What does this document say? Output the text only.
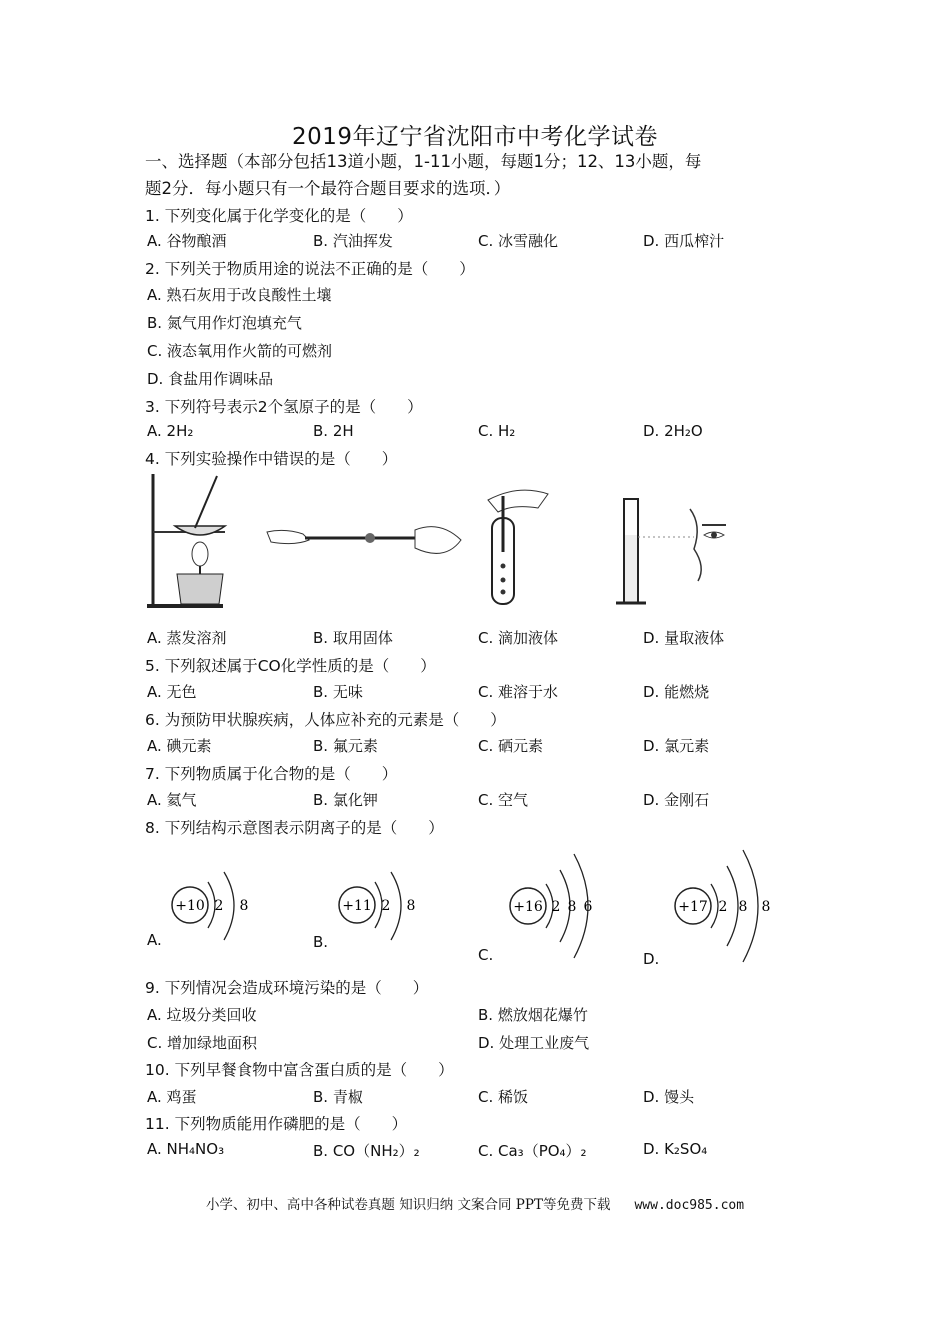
2019年辽宁省沈阳市中考化学试卷
一、选择题（本部分包括13道小题，1-11小题，每题1分；12、13小题，每
题2分．每小题只有一个最符合题目要求的选项．）
1. 下列变化属于化学变化的是（　　）
A. 谷物酿酒	B. 汽油挥发	C. 冰雪融化	D. 西瓜榨汁
2. 下列关于物质用途的说法不正确的是（　　）
A. 熟石灰用于改良酸性土壤
B. 氮气用作灯泡填充气
C. 液态氧用作火箭的可燃剂
D. 食盐用作调味品
3. 下列符号表示2个氢原子的是（　　）
A. 2H₂	B. 2H	C. H₂	D. 2H₂O
4. 下列实验操作中错误的是（　　）
A. 蒸发溶剂	B. 取用固体	C. 滴加液体	D. 量取液体
5. 下列叙述属于CO化学性质的是（　　）
A. 无色	B. 无味	C. 难溶于水	D. 能燃烧
6. 为预防甲状腺疾病，人体应补充的元素是（　　）
A. 碘元素	B. 氟元素	C. 硒元素	D. 氯元素
7. 下列物质属于化合物的是（　　）
A. 氦气	B. 氯化钾	C. 空气	D. 金刚石
8. 下列结构示意图表示阴离子的是（　　）
+10 2 8
A.
+11 2 8
B.
+16 2 8 6
C.
+17 2 8 8
D.
9. 下列情况会造成环境污染的是（　　）
A. 垃圾分类回收	B. 燃放烟花爆竹
C. 增加绿地面积	D. 处理工业废气
10. 下列早餐食物中富含蛋白质的是（　　）
A. 鸡蛋	B. 青椒	C. 稀饭	D. 馒头
11. 下列物质能用作磷肥的是（　　）
A. NH₄NO₃	B. CO（NH₂）₂	C. Ca₃（PO₄）₂	D. K₂SO₄
小学、初中、高中各种试卷真题 知识归纳 文案合同 PPT等免费下载 www.doc985.com
